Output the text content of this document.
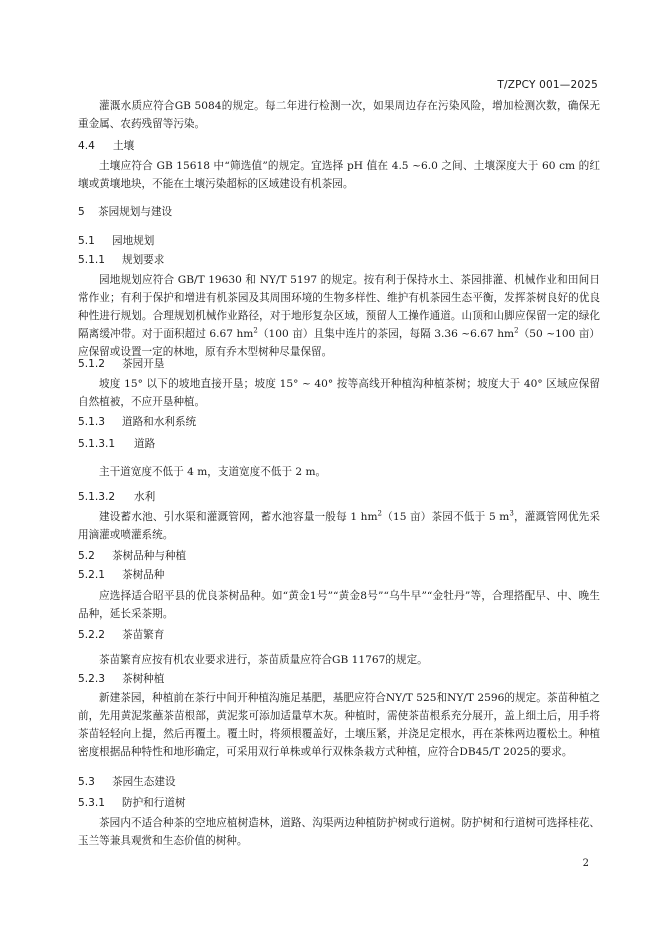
T/ZPCY 001—2025

灌溉水质应符合GB 5084的规定。每二年进行检测一次，如果周边存在污染风险，增加检测次数，确保无重金属、农药残留等污染。

4.4 土壤

土壤应符合 GB 15618 中“筛选值”的规定。宜选择 pH 值在 4.5 ~6.0 之间、土壤深度大于 60 cm 的红壤或黄壤地块，不能在土壤污染超标的区域建设有机茶园。

5 茶园规划与建设
5.1 园地规划
5.1.1 规划要求

园地规划应符合 GB/T 19630 和 NY/T 5197 的规定。按有利于保持水土、茶园排灌、机械作业和田间日常作业；有利于保护和增进有机茶园及其周围环境的生物多样性、维护有机茶园生态平衡，发挥茶树良好的优良种性进行规划。合理规划机械作业路径，对于地形复杂区域，预留人工操作通道。山顶和山脚应保留一定的绿化隔离缓冲带。对于面积超过 6.67 $hm^2(100$ 亩）且集中连片的茶园，每隔 3.36 ~6.67 $hm^2(50$ ~100 亩）应保留或设置一定的林地，原有乔木型树种尽量保留。

5.1.2 茶园开垦

坡度 15° 以下的坡地直接开垦；坡度 15° ~ 40° 按等高线开种植沟种植茶树；坡度大于 40° 区域应保留自然植被，不应开垦种植。

5.1.3 道路和水利系统
5.1.3.1 道路

主干道宽度不低于 4 m，支道宽度不低于 2 m。

5.1.3.2 水利

建设蓄水池、引水渠和灌溉管网，蓄水池容量一般每 1 $hm^2(15$ 亩）茶园不低于 5 $m^3$，灌溉管网优先采用滴灌或喷灌系统。

5.2 茶树品种与种植
5.2.1 茶树品种

应选择适合昭平县的优良茶树品种。如“黄金1号”“黄金8号”“乌牛早”“金牡丹”等，合理搭配早、中、晚生品种，延长采茶期。

5.2.2 茶苗繁育

茶苗繁育应按有机农业要求进行，茶苗质量应符合GB 11767的规定。

5.2.3 茶树种植

新建茶园，种植前在茶行中间开种植沟施足基肥，基肥应符合NY/T 525和NY/T 2596的规定。茶苗种植之前，先用黄泥浆蘸茶苗根部，黄泥浆可添加适量草木灰。种植时，需使茶苗根系充分展开，盖上细土后，用手将茶苗轻轻向上提，然后再覆土。覆土时，将须根覆盖好，土壤压紧，并浇足定根水，再在茶株两边覆松土。种植密度根据品种特性和地形确定，可采用双行单株或单行双株条栽方式种植，应符合DB45/T 2025的要求。

5.3 茶园生态建设
5.3.1 防护和行道树

茶园内不适合种茶的空地应植树造林，道路、沟渠两边种植防护树或行道树。防护树和行道树可选择桂花、玉兰等兼具观赏和生态价值的树种。

2
